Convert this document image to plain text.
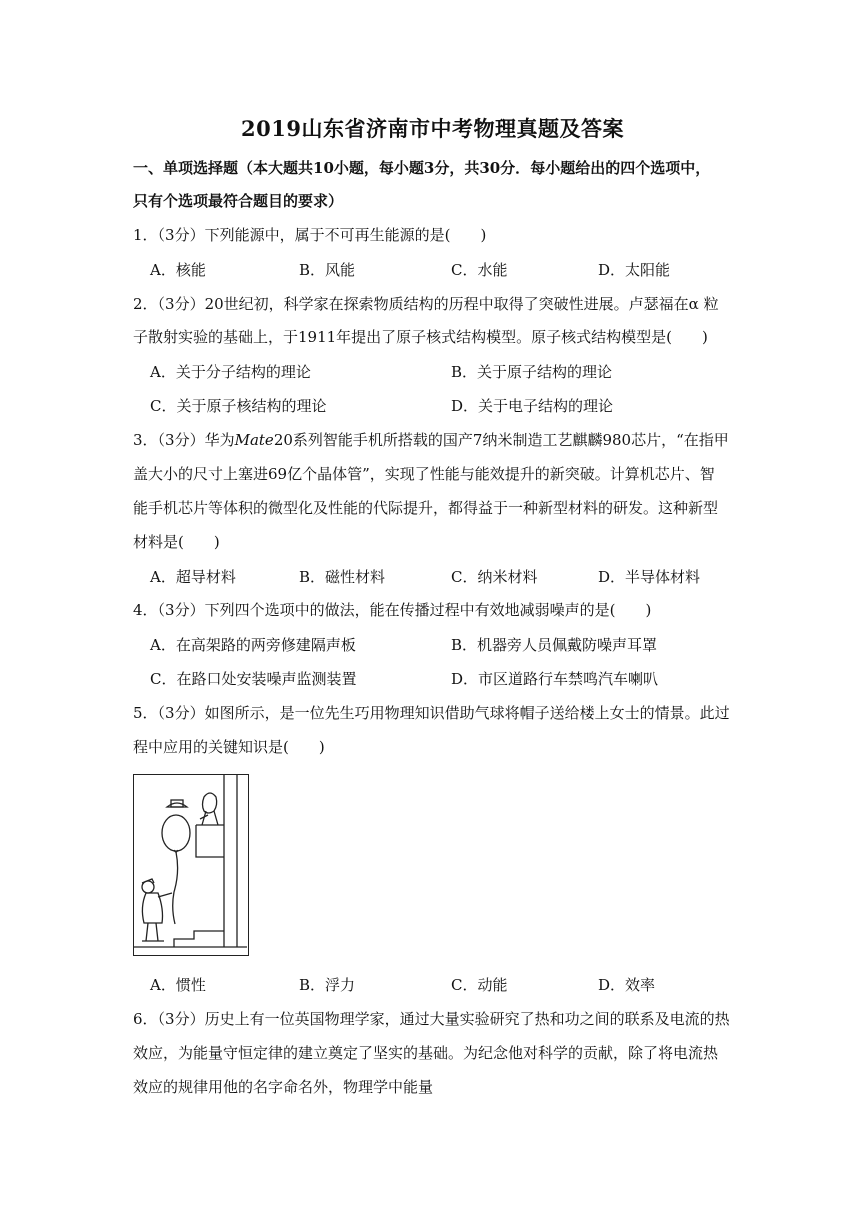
2019山东省济南市中考物理真题及答案
一、单项选择题（本大题共10小题，每小题3分，共30分．每小题给出的四个选项中，
只有个选项最符合题目的要求）
1．（3分）下列能源中，属于不可再生能源的是(　　)
A．核能	B．风能	C．水能	D．太阳能
2．（3分）20世纪初，科学家在探索物质结构的历程中取得了突破性进展。卢瑟福在α 粒
子散射实验的基础上，于1911年提出了原子核式结构模型。原子核式结构模型是(　　)
A．关于分子结构的理论	B．关于原子结构的理论
C．关于原子核结构的理论	D．关于电子结构的理论
3．（3分）华为Mate20系列智能手机所搭载的国产7纳米制造工艺麒麟980芯片，“在指甲
盖大小的尺寸上塞进69亿个晶体管”，实现了性能与能效提升的新突破。计算机芯片、智
能手机芯片等体积的微型化及性能的代际提升，都得益于一种新型材料的研发。这种新型
材料是(　　)
A．超导材料	B．磁性材料	C．纳米材料	D．半导体材料
4．（3分）下列四个选项中的做法，能在传播过程中有效地减弱噪声的是(　　)
A．在高架路的两旁修建隔声板	B．机器旁人员佩戴防噪声耳罩
C．在路口处安装噪声监测装置	D．市区道路行车禁鸣汽车喇叭
5．（3分）如图所示，是一位先生巧用物理知识借助气球将帽子送给楼上女士的情景。此过
程中应用的关键知识是(　　)
A．惯性	B．浮力	C．动能	D．效率
6．（3分）历史上有一位英国物理学家，通过大量实验研究了热和功之间的联系及电流的热
效应，为能量守恒定律的建立奠定了坚实的基础。为纪念他对科学的贡献，除了将电流热
效应的规律用他的名字命名外，物理学中能量
